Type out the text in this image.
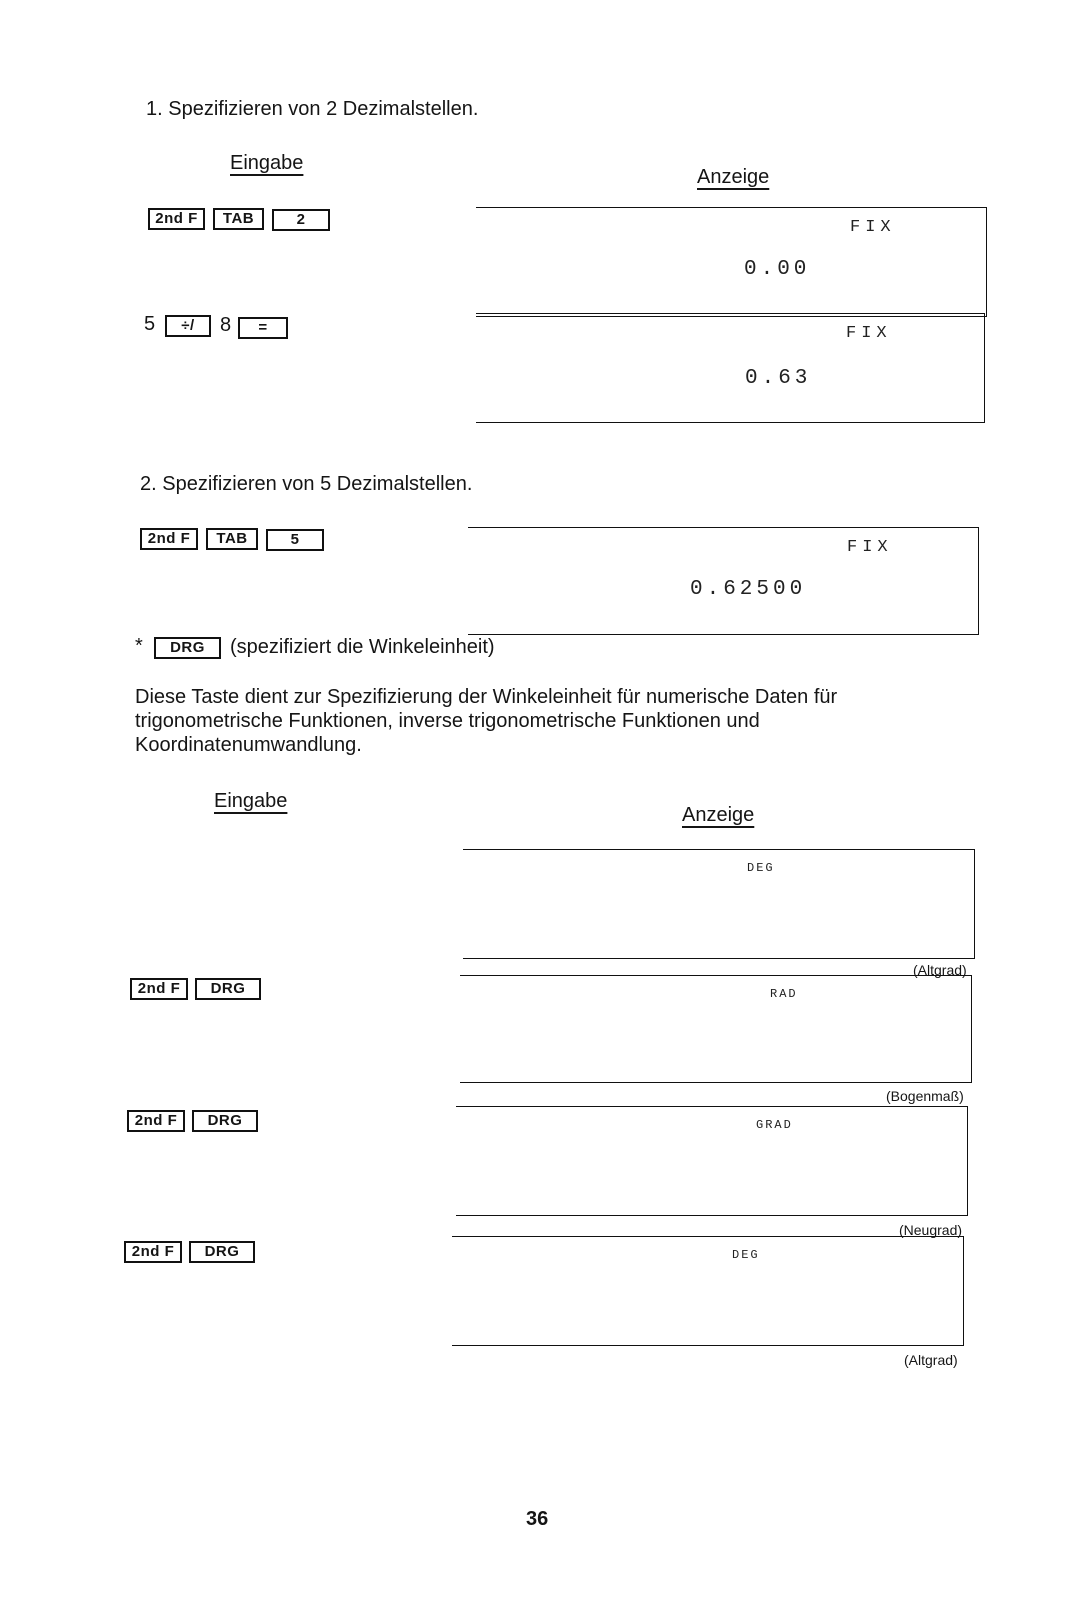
1. Spezifizieren von 2 Dezimalstellen.
Eingabe
Anzeige
2nd F	TAB	2	FIX
0.00
5	÷/	8	=	FIX
0.63
2. Spezifizieren von 5 Dezimalstellen.
2nd F	TAB	5	FIX
0.62500
*	DRG	(spezifiziert die Winkeleinheit)
Diese Taste dient zur Spezifizierung der Winkeleinheit für numerische Daten für trigonometrische Funktionen, inverse trigonometrische Funktionen und Koordinatenumwandlung.
Eingabe
Anzeige
DEG
(Altgrad)
2nd F	DRG	RAD
(Bogenmaß)
2nd F	DRG	GRAD
(Neugrad)
2nd F	DRG	DEG
(Altgrad)
36
